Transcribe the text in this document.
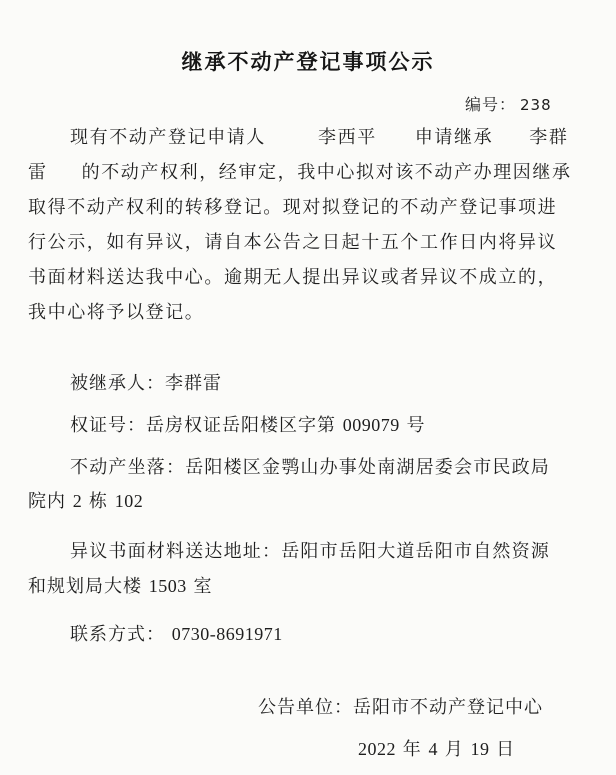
继承不动产登记事项公示
编号： 238
现有不动产登记申请人	李西平 申请继承 李群
雷 的不动产权利，经审定，我中心拟对该不动产办理因继承
取得不动产权利的转移登记。现对拟登记的不动产登记事项进
行公示，如有异议，请自本公告之日起十五个工作日内将异议
书面材料送达我中心。逾期无人提出异议或者异议不成立的，
我中心将予以登记。
被继承人：李群雷
权证号：岳房权证岳阳楼区字第 009079 号
不动产坐落：岳阳楼区金鹗山办事处南湖居委会市民政局
院内 2 栋 102
异议书面材料送达地址：岳阳市岳阳大道岳阳市自然资源
和规划局大楼 1503 室
联系方式： 0730-8691971
公告单位：岳阳市不动产登记中心
2022 年 4 月 19 日
